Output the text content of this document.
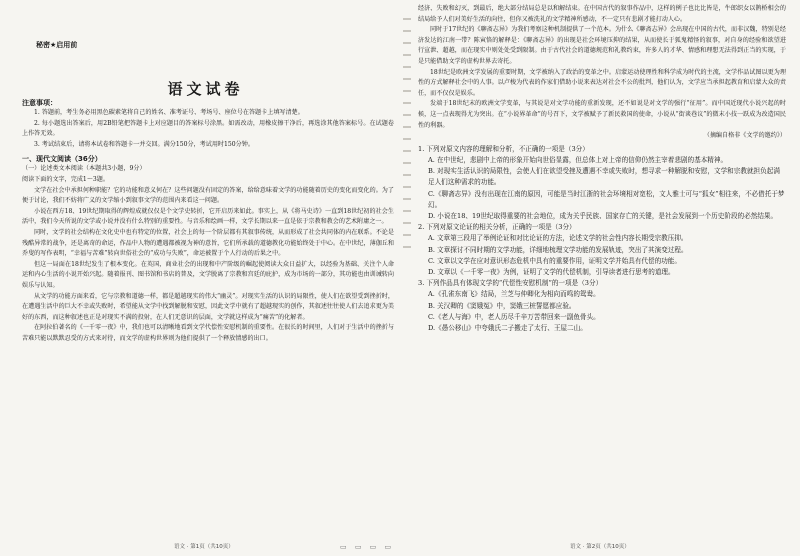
秘密★启用前
语文试卷
注意事项：

1. 答题前，考生务必用黑色碳素笔将自己的姓名、准考证号、考场号、座位号在答题卡上填写清楚。

2. 每小题选出答案后，用2B铅笔把答题卡上对应题目的答案标号涂黑。如需改动，用橡皮擦干净后，再选涂其他答案标号。在试题卷上作答无效。

3. 考试结束后，请将本试卷和答题卡一并交回。满分150分，考试用时150分钟。

一、现代文阅读（36分）

（一）论述类文本阅读（本题共3小题，9分）

阅读下面的文字，完成1～3题。

文学在社会中承担何种职能？它的功能和意义何在？这些问题没有固定的答案，给给意味着文学的功能随着历史的变化而变化的。为了便于讨论，我们不妨将广义的文学缩小到叙事文学的范围内来看这一问题。

小说在西方18、19世纪期取得的辉煌成就仅仅是个文学史转折，它开启历来如此。事实上，从《将马史诗》一直到18世纪初的社会生活中，我们今天所说的文学或小说并没有什么特别的重要性。与音乐和绘画一样，文学长期以来一直是依于宗教和教会的艺术附庸之一。

同时，文学的社会结构在文化史中也有特定的位置，社会上的每一个阶层都有其叙事传统，从而形成了社会共同体的内在联系。不论是残酷异常的战争，还是离奇的命运，作品中人物的遭遇都被视为神的意旨，它们所承载的道德教化功能始终处于中心。在中世纪，薄伽丘和乔叟的写作表明，“幸福与苦难”转向世俗社会的“成功与失败”，命运被置于个人行动的后果之中。

但这一局面在18世纪发生了根本变化。在英国，商业社会的出现和中产阶级的崛起使阅读大众日益扩大，以经验为基础、关注个人命运和内心生活的小说开始兴起。随着报刊、图书馆和书店的普及，文学脱离了宗教和宫廷的庇护，成为市场的一部分，其功能也由训诫转向娱乐与认知。

从文学的功能方面来看，它与宗教和道德一样，都是超越现实的伟大“幽灵”。对现实生活的认识的局限性，使人们在欲望受到挫折时，在遭遇生活中的巨大不幸或失败时，希望能从文学中找到解脱和安慰，因此文学中就有了超越现实的创作，其叙述往往使人们去追求更为美好的东西，而这种叙述也正是对现实不满的投射，在人们无意识的层面，文学就这样成为“痛苦”的化解者。

在阿拉伯著名的《一千零一夜》中，我们也可以清晰地看到文学代偿性安慰机制的重要性。在很长的时间里，人们对于生活中的挫折与苦难只能以默默忍受的方式来对待，而文学的虚构世界则为他们提供了一个释放情感的出口。

语文 · 第1页（共10页）

经济、失败和幻灭，到最后，绝大部分结局总是以和解结束。在中国古代的叙事作品中，这样的例子也比比皆是，牛郎织女以鹊桥相会的结局给予人们对美好生活的向往，但你又被洗礼的文学精神所感动，不一定只有悲剧才能打动人心。

同时于17世纪的《聊斋志异》为我们考察这种机制提供了一个范本。为什么《聊斋志异》会出现在中国的古代，而非汉魏，特别是经济发达的江南一带？陈寅恪的解释是：《聊斋志异》的出现是社会环境压抑的结果，从而使长于狐鬼精怪的叙事，对自身的经验和欲望进行宣泄、超越，而在现实中则处处受到限制。由于古代社会的道德规范和礼教约束，许多人的才华、情感和理想无法得到正当的实现，于是只能借助文学的虚构世界去寄托。

18世纪是欧洲文学发展的重要时期，文学被纳入了政治的变革之中。启蒙运动使理性和科学成为时代的主流，文学作品试图以更为理性的方式解释社会中的人事。以卢梭为代表的作家们借助小说来表达对社会不公的批判，他们认为，文学应当承担起教育和启蒙大众的责任，而不仅仅是娱乐。

发端于18世纪末的欧洲文学变革，与其说是对文学功能的重新发现，还不如说是对文学的强行“征用”。而中国近现代小说兴起的时候，这一点表现得尤为突出。在“小说界革命”的号召下，文学被赋予了新民救国的使命，小说从“街谈巷议”的微末小技一跃成为改造国民性的利器。

（摘编自格非《文学的邀约》）

1. 下列对原文内容的理解和分析，不正确的一项是（3分）

A. 在中世纪，悲剧中上帝的形象开始向世俗显露，但总体上对上帝的信仰仍然主宰着悲剧的基本精神。

B. 对现实生活认识的局限性，会使人们在欲望受挫及遭遇不幸或失败时，想寻求一种解脱和安慰，文学和宗教就担负起满足人们这种需求的功能。

C.《聊斋志异》没有出现在江南的原因，可能是当时江浙的社会环境相对宽松，文人雅士可与“狐女”相往来，不必借托于梦幻。

D. 小说在18、19世纪取得重要的社会地位，成为关乎民族、国家存亡的关键，是社会发展到一个历史阶段的必然结果。

2. 下列对原文论证的相关分析，正确的一项是（3分）

A. 文章第三段用了举例论证和对比论证的方法，论述文学的社会性内容长期受宗教压抑。

B. 文章探讨不同时期的文学功能，详细地梳理文学功能的发展轨迹，突出了其演变过程。

C. 文章以文学在应对意识形态危机中具有的重要作用，证明文学并始具有代偿的功能。

D. 文章以《一千零一夜》为例，证明了文学的代偿机制，引导读者进行思考的道理。

3. 下列作品具有体现文学的“代偿性安慰机制”的一项是（3分）

A.《孔雀东南飞》结局，兰芝与仲卿化为相向而鸣的鸳鸯。

B. 关汉卿的《窦娥冤》中，窦娥三桩誓愿都应验。

C.《老人与海》中，老人历尽千辛万苦带回来一副鱼骨头。

D.《愚公移山》中夸娥氏二子搬走了太行、王屋二山。

语文 · 第2页（共10页）
▭ ▭ ▭ ▭
